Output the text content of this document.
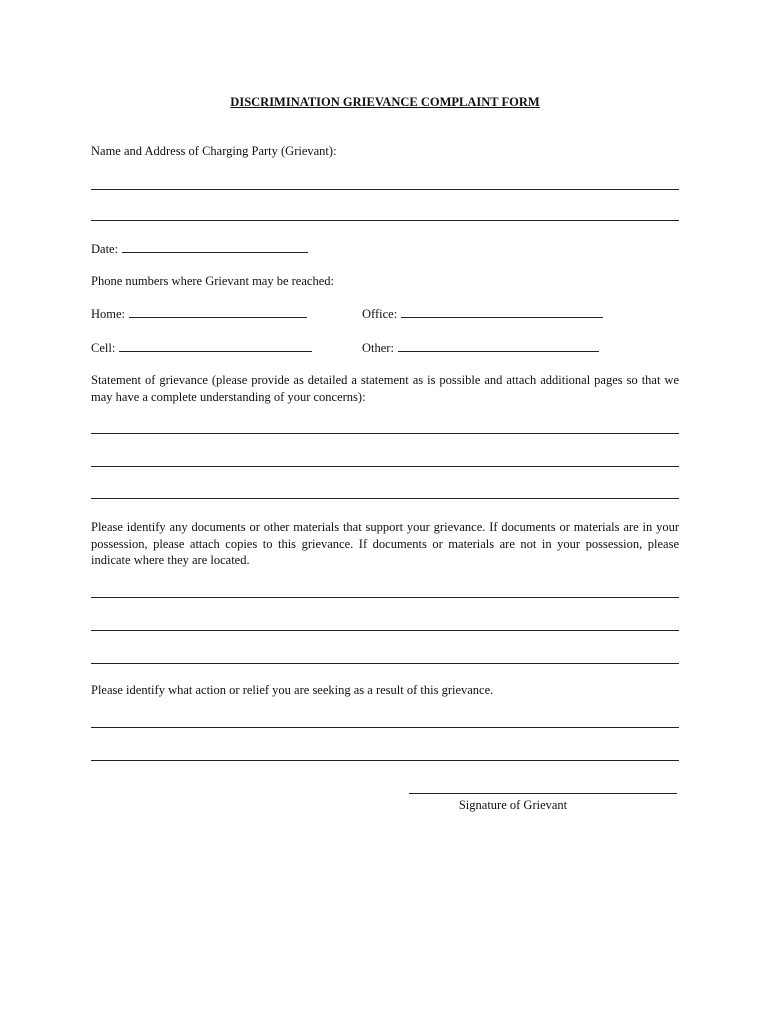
DISCRIMINATION GRIEVANCE COMPLAINT FORM
Name and Address of Charging Party (Grievant):
Date:
Phone numbers where Grievant may be reached:
Home:	Office:
Cell:	Other:
Statement of grievance (please provide as detailed a statement as is possible and attach additional pages so that we may have a complete understanding of your concerns):
Please identify any documents or other materials that support your grievance. If documents or materials are in your possession, please attach copies to this grievance. If documents or materials are not in your possession, please indicate where they are located.
Please identify what action or relief you are seeking as a result of this grievance.
Signature of Grievant
